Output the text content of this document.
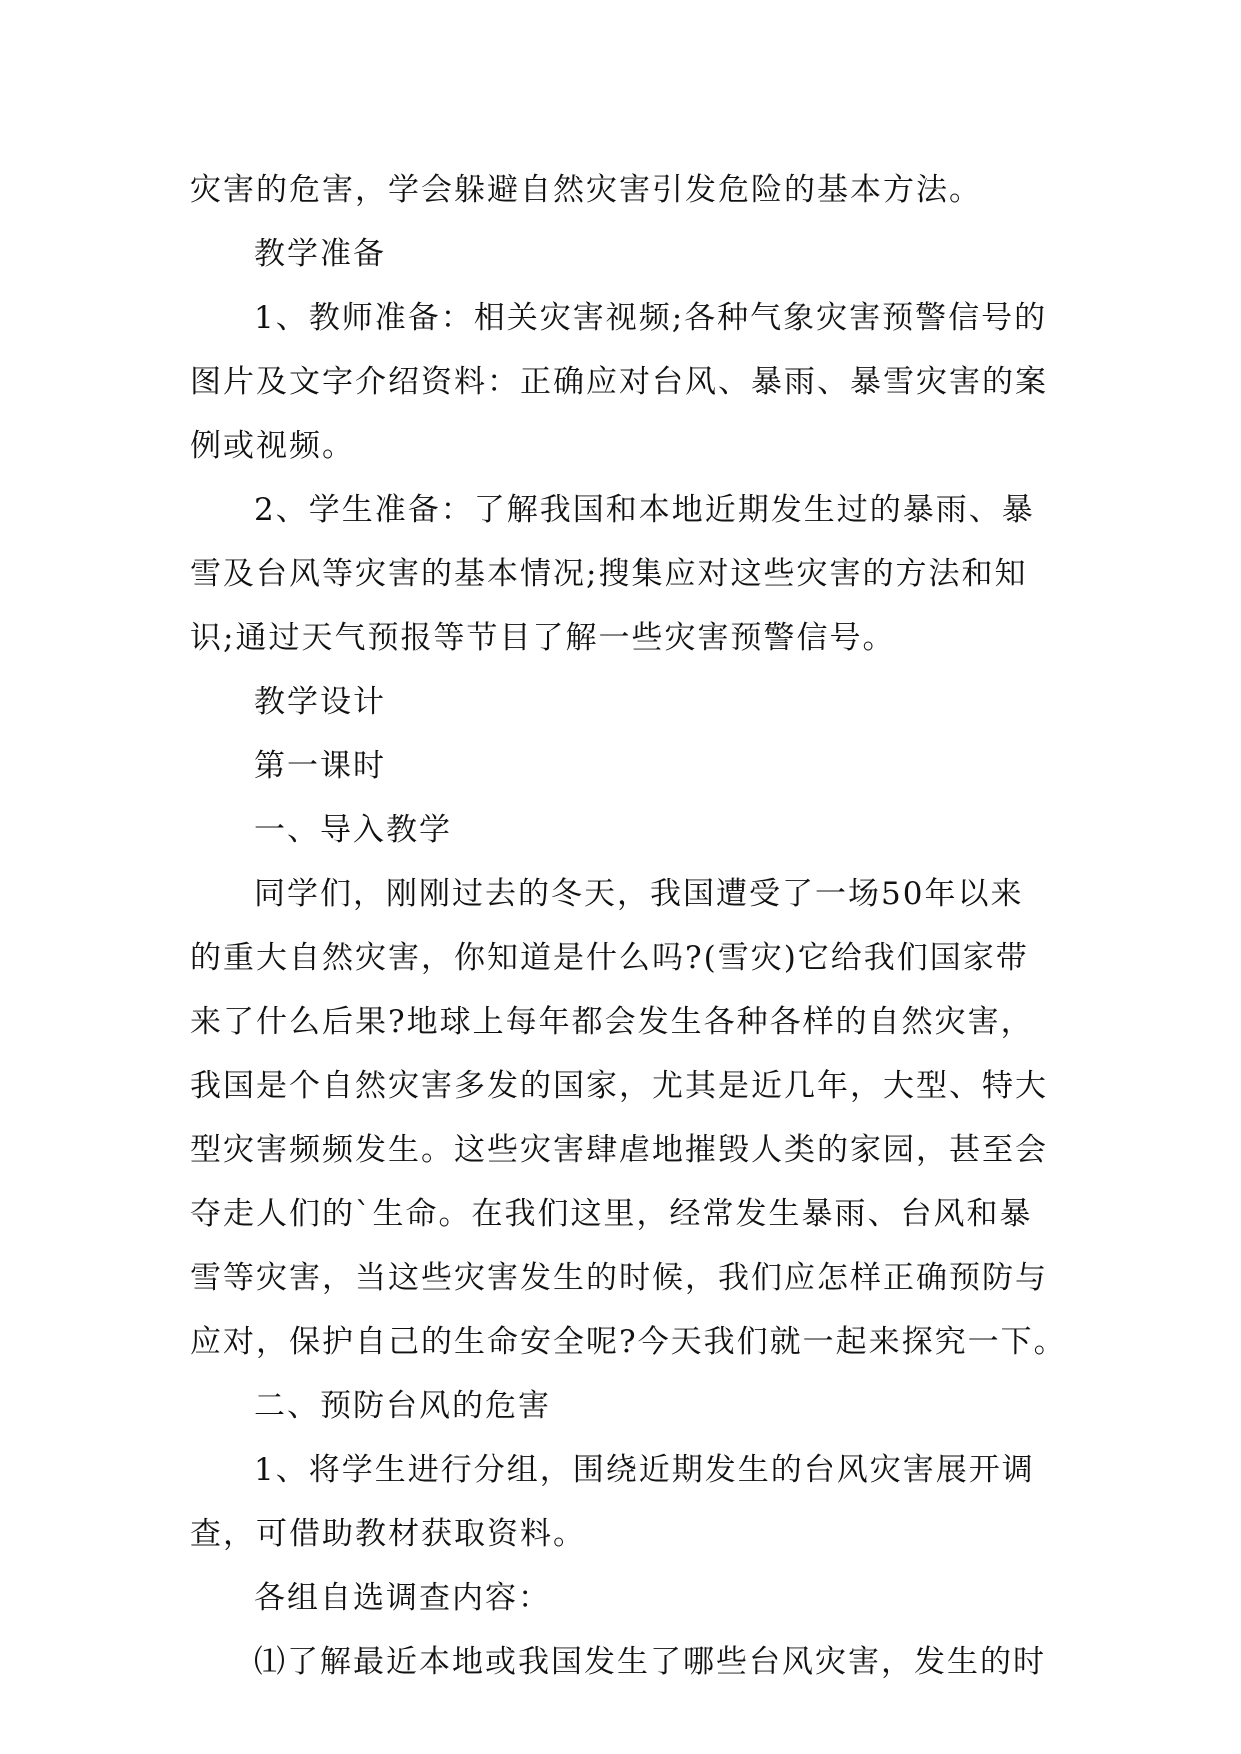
灾害的危害，学会躲避自然灾害引发危险的基本方法。
教学准备
1、教师准备：相关灾害视频;各种气象灾害预警信号的
图片及文字介绍资料：正确应对台风、暴雨、暴雪灾害的案
例或视频。
2、学生准备：了解我国和本地近期发生过的暴雨、暴
雪及台风等灾害的基本情况;搜集应对这些灾害的方法和知
识;通过天气预报等节目了解一些灾害预警信号。
教学设计
第一课时
一、导入教学
同学们，刚刚过去的冬天，我国遭受了一场50年以来
的重大自然灾害，你知道是什么吗?(雪灾)它给我们国家带
来了什么后果?地球上每年都会发生各种各样的自然灾害，
我国是个自然灾害多发的国家，尤其是近几年，大型、特大
型灾害频频发生。这些灾害肆虐地摧毁人类的家园，甚至会
夺走人们的`生命。在我们这里，经常发生暴雨、台风和暴
雪等灾害，当这些灾害发生的时候，我们应怎样正确预防与
应对，保护自己的生命安全呢?今天我们就一起来探究一下。
二、预防台风的危害
1、将学生进行分组，围绕近期发生的台风灾害展开调
查，可借助教材获取资料。
各组自选调查内容：
⑴了解最近本地或我国发生了哪些台风灾害，发生的时
